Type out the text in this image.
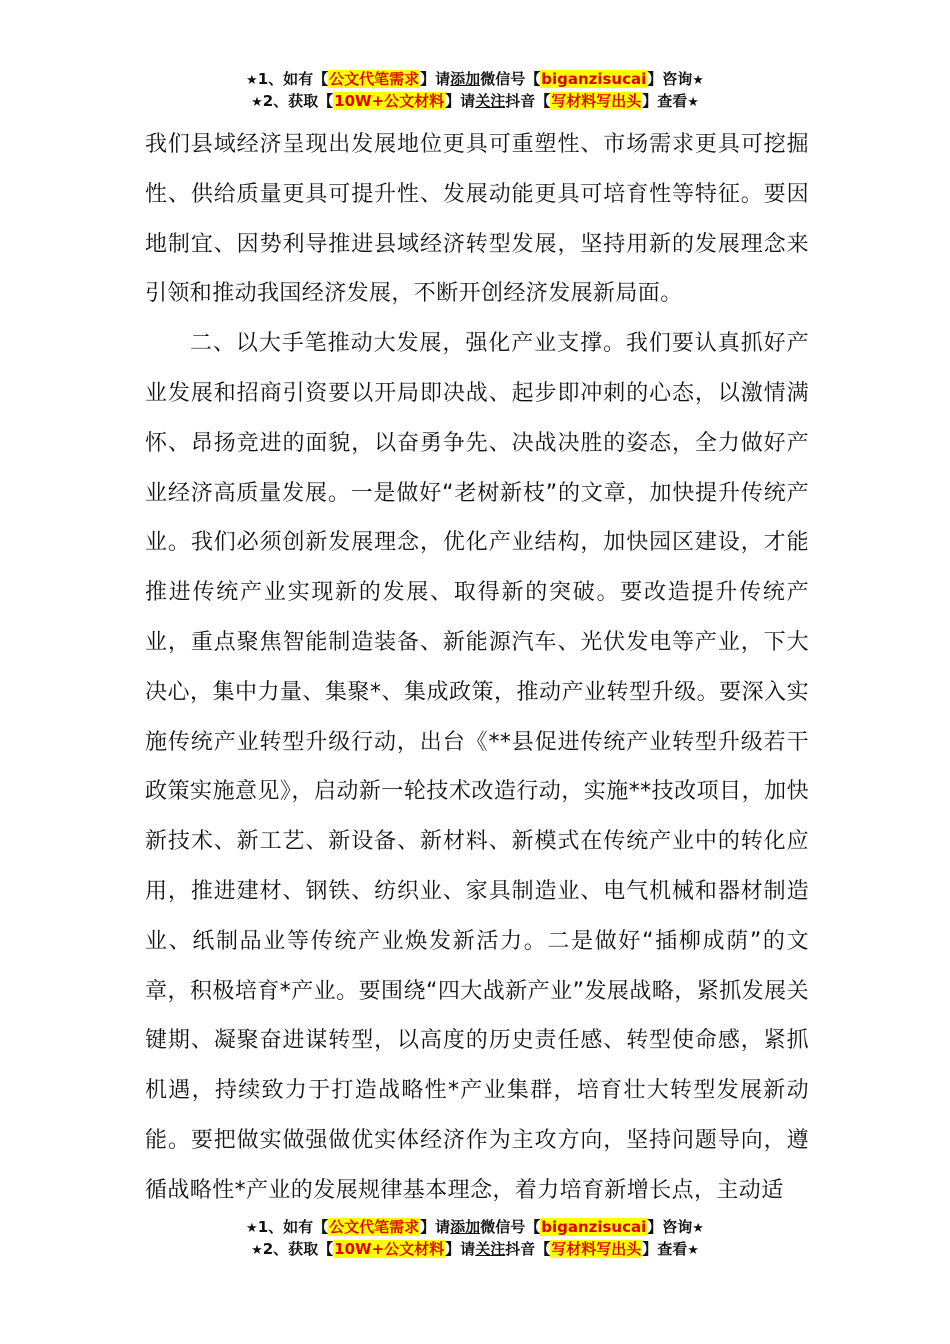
★1、如有【公文代笔需求】请添加微信号【biganzisucai】咨询★
★2、获取【10W+公文材料】请关注抖音【写材料写出头】查看★

我们县域经济呈现出发展地位更具可重塑性、市场需求更具可挖掘性、供给质量更具可提升性、发展动能更具可培育性等特征。要因地制宜、因势利导推进县域经济转型发展，坚持用新的发展理念来引领和推动我国经济发展，不断开创经济发展新局面。

二、以大手笔推动大发展，强化产业支撑。我们要认真抓好产业发展和招商引资要以开局即决战、起步即冲刺的心态，以激情满怀、昂扬竞进的面貌，以奋勇争先、决战决胜的姿态，全力做好产业经济高质量发展。一是做好“老树新枝”的文章，加快提升传统产业。我们必须创新发展理念，优化产业结构，加快园区建设，才能推进传统产业实现新的发展、取得新的突破。要改造提升传统产业，重点聚焦智能制造装备、新能源汽车、光伏发电等产业，下大决心，集中力量、集聚*、集成政策，推动产业转型升级。要深入实施传统产业转型升级行动，出台《**县促进传统产业转型升级若干政策实施意见》，启动新一轮技术改造行动，实施**技改项目，加快新技术、新工艺、新设备、新材料、新模式在传统产业中的转化应用，推进建材、钢铁、纺织业、家具制造业、电气机械和器材制造业、纸制品业等传统产业焕发新活力。二是做好“插柳成荫”的文章，积极培育*产业。要围绕“四大战新产业”发展战略，紧抓发展关键期、凝聚奋进谋转型，以高度的历史责任感、转型使命感，紧抓机遇，持续致力于打造战略性*产业集群，培育壮大转型发展新动能。要把做实做强做优实体经济作为主攻方向，坚持问题导向，遵循战略性*产业的发展规律基本理念，着力培育新增长点，主动适

★1、如有【公文代笔需求】请添加微信号【biganzisucai】咨询★
★2、获取【10W+公文材料】请关注抖音【写材料写出头】查看★
